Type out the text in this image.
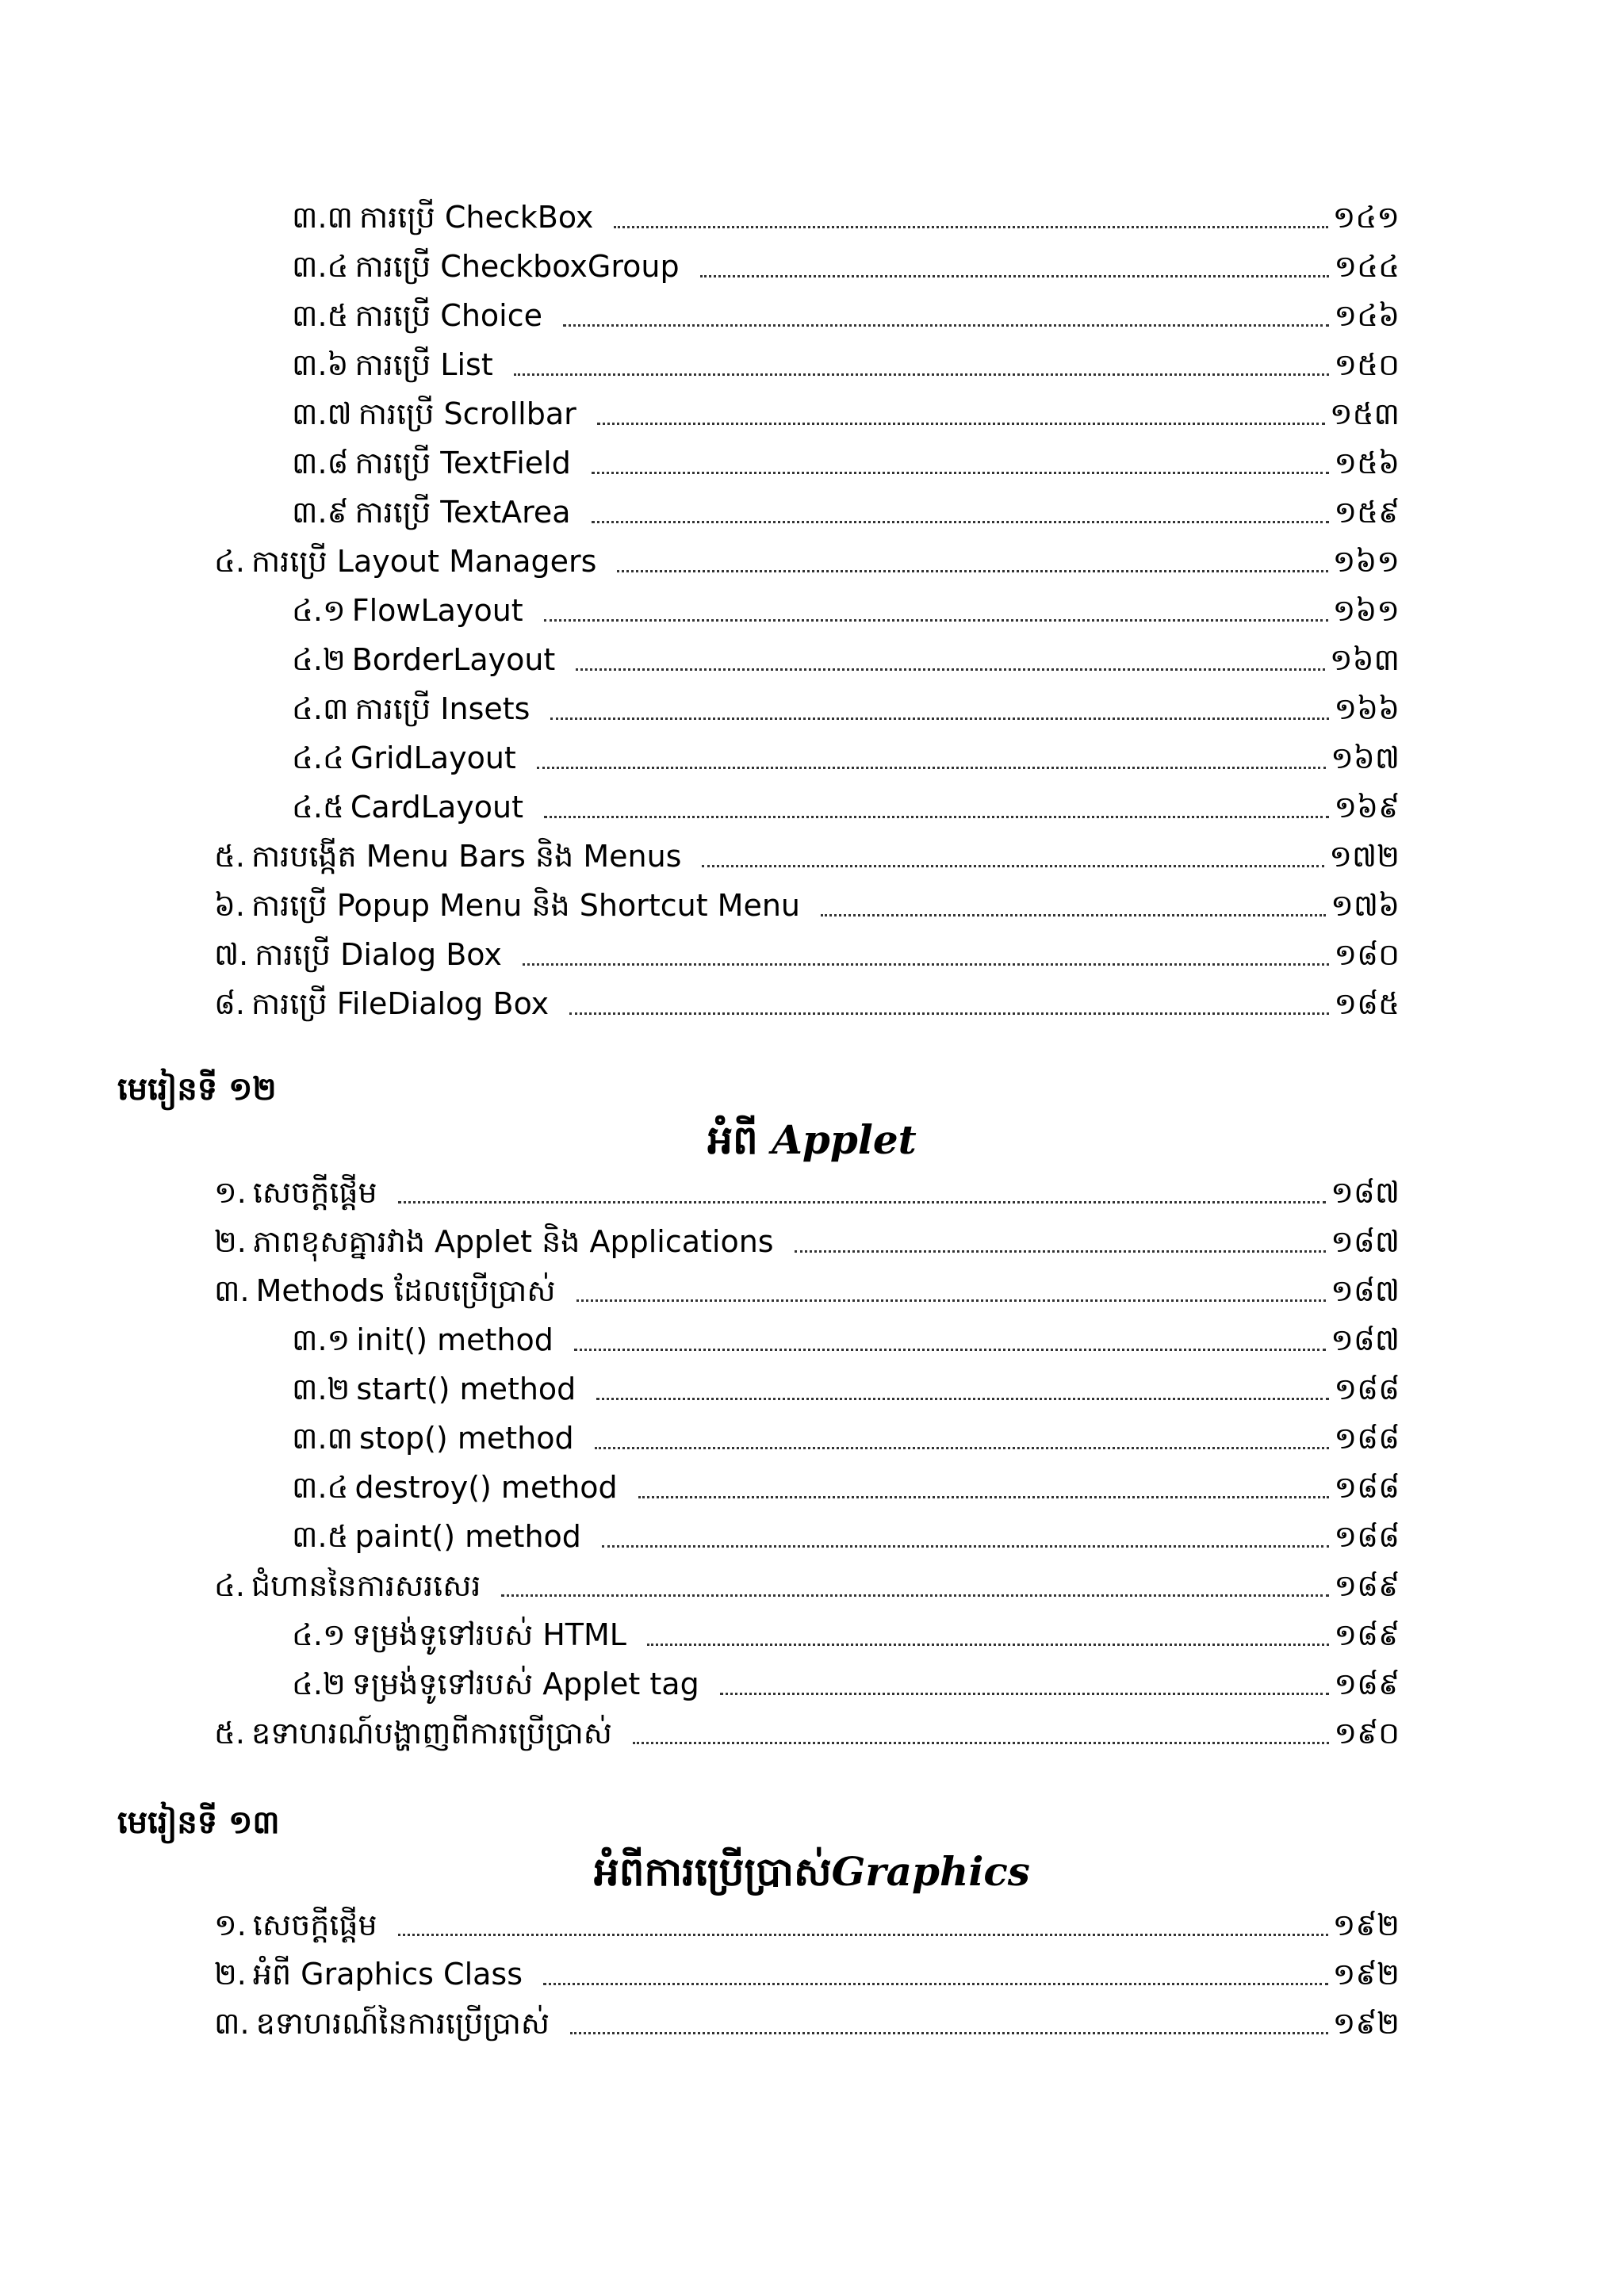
៣.៣ ការប្រើ CheckBox	១៤១
៣.៤ ការប្រើ CheckboxGroup	១៤៤
៣.៥ ការប្រើ Choice	១៤៦
៣.៦ ការប្រើ List	១៥០
៣.៧ ការប្រើ Scrollbar	១៥៣
៣.៨ ការប្រើ TextField	១៥៦
៣.៩ ការប្រើ TextArea	១៥៩
៤. ការប្រើ Layout Managers	១៦១
៤.១ FlowLayout	១៦១
៤.២ BorderLayout	១៦៣
៤.៣ ការប្រើ Insets	១៦៦
៤.៤ GridLayout	១៦៧
៤.៥ CardLayout	១៦៩
៥. ការបង្កើត Menu Bars និង Menus	១៧២
៦. ការប្រើ Popup Menu និង Shortcut Menu	១៧៦
៧. ការប្រើ Dialog Box	១៨០
៨. ការប្រើ FileDialog Box	១៨៥
មេរៀនទី ១២
អំពី Applet
១. សេចក្តីផ្តើម	១៨៧
២. ភាពខុសគ្នារវាង Applet និង Applications	១៨៧
៣. Methods ដែលប្រើប្រាស់	១៨៧
៣.១ init() method	១៨៧
៣.២ start() method	១៨៨
៣.៣ stop() method	១៨៨
៣.៤ destroy() method	១៨៨
៣.៥ paint() method	១៨៨
៤. ជំហាននៃការសរសេរ	១៨៩
៤.១ ទម្រង់ទូទៅរបស់ HTML	១៨៩
៤.២ ទម្រង់ទូទៅរបស់ Applet tag	១៨៩
៥. ឧទាហរណ៍បង្ហាញពីការប្រើប្រាស់	១៩០
មេរៀនទី ១៣
អំពីការប្រើប្រាស់Graphics
១. សេចក្តីផ្តើម	១៩២
២. អំពី Graphics Class	១៩២
៣. ឧទាហរណ៍នៃការប្រើប្រាស់	១៩២
